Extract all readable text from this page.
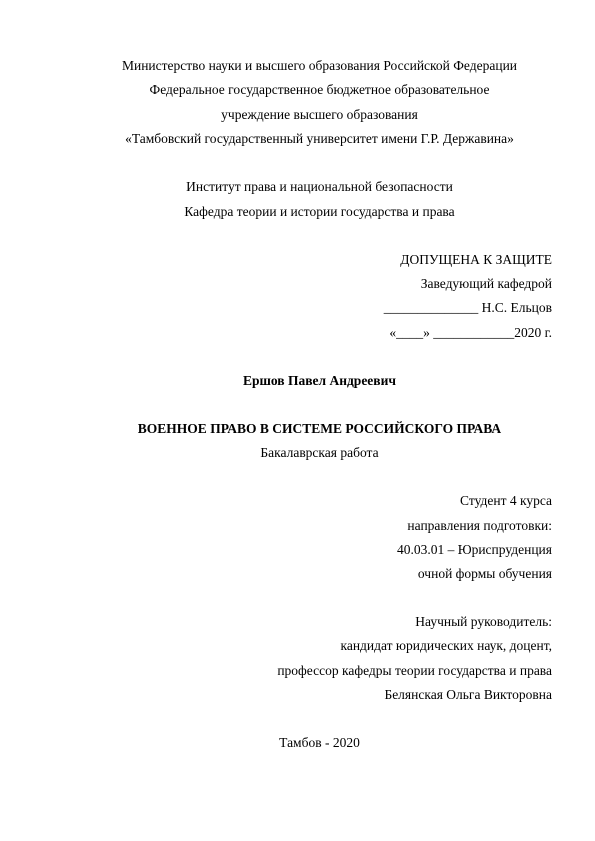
Министерство науки и высшего образования Российской Федерации
Федеральное государственное бюджетное образовательное
учреждение высшего образования
«Тамбовский государственный университет имени Г.Р. Державина»
Институт права и национальной безопасности
Кафедра теории и истории государства и права
ДОПУЩЕНА К ЗАЩИТЕ
Заведующий кафедрой
______________ Н.С. Ельцов
«____» ____________2020 г.
Ершов Павел Андреевич
ВОЕННОЕ ПРАВО В СИСТЕМЕ РОССИЙСКОГО ПРАВА
Бакалаврская работа
Студент 4 курса
направления подготовки:
40.03.01 – Юриспруденция
очной формы обучения
Научный руководитель:
кандидат юридических наук, доцент,
профессор кафедры теории государства и права
Белянская Ольга Викторовна
Тамбов - 2020
